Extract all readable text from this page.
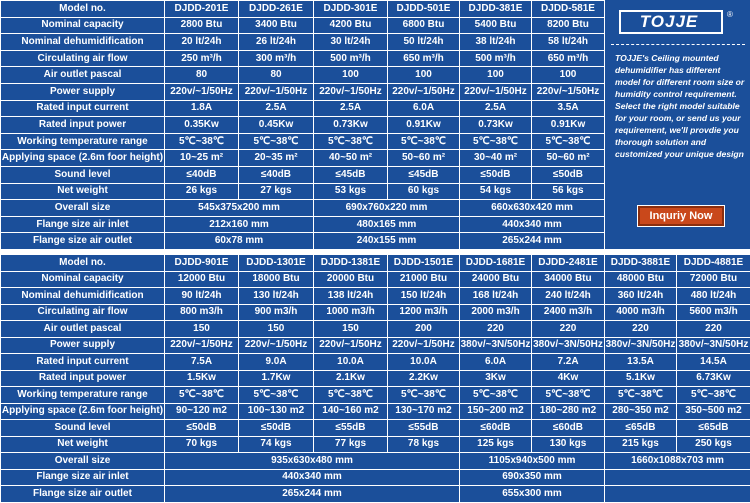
Model no.	DJDD-201E	DJDD-261E	DJDD-301E	DJDD-501E	DJDD-381E	DJDD-581E
Nominal capacity	2800 Btu	3400 Btu	4200 Btu	6800 Btu	5400 Btu	8200 Btu
Nominal dehumidification	20 lt/24h	26 lt/24h	30 lt/24h	50 lt/24h	38 lt/24h	58 lt/24h
Circulating air flow	250 m³/h	300 m³/h	500 m³/h	650 m³/h	500 m³/h	650 m³/h
Air outlet pascal	80	80	100	100	100	100
Power supply	220v/~1/50Hz	220v/~1/50Hz	220v/~1/50Hz	220v/~1/50Hz	220v/~1/50Hz	220v/~1/50Hz
Rated input current	1.8A	2.5A	2.5A	6.0A	2.5A	3.5A
Rated input power	0.35Kw	0.45Kw	0.73Kw	0.91Kw	0.73Kw	0.91Kw
Working temperature range	5℃~38℃	5℃~38℃	5℃~38℃	5℃~38℃	5℃~38℃	5℃~38℃
Applying space (2.6m foor height)	10~25 m²	20~35 m²	40~50 m²	50~60 m²	30~40 m²	50~60 m²
Sound level	≤40dB	≤40dB	≤45dB	≤45dB	≤50dB	≤50dB
Net weight	26 kgs	27 kgs	53 kgs	60 kgs	54 kgs	56 kgs
Overall size	545x375x200 mm		690x760x220 mm		660x630x420 mm	
Flange size air inlet	212x160 mm		480x165 mm		440x340 mm	
Flange size air outlet	60x78 mm		240x155 mm		265x244 mm	
TOJJE	®
TOJJE's Ceiling mounted dehumidifier has different model for different room size or humidity control requirement. Select the right model suitable for your room, or send us your requirement, we'll provdie you thorough solution and customized your unique design
Inquriy Now
Model no.	DJDD-901E	DJDD-1301E	DJDD-1381E	DJDD-1501E	DJDD-1681E	DJDD-2481E	DJDD-3881E	DJDD-4881E
Nominal capacity	12000 Btu	18000 Btu	20000 Btu	21000 Btu	24000 Btu	34000 Btu	48000 Btu	72000 Btu
Nominal dehumidification	90 lt/24h	130 lt/24h	138 lt/24h	150 lt/24h	168 lt/24h	240 lt/24h	360 lt/24h	480 lt/24h
Circulating air flow	800 m3/h	900 m3/h	1000 m3/h	1200 m3/h	2000 m3/h	2400 m3/h	4000 m3/h	5600 m3/h
Air outlet pascal	150	150	150	200	220	220	220	220
Power supply	220v/~1/50Hz	220v/~1/50Hz	220v/~1/50Hz	220v/~1/50Hz	380v/~3N/50Hz	380v/~3N/50Hz	380v/~3N/50Hz	380v/~3N/50Hz
Rated input current	7.5A	9.0A	10.0A	10.0A	6.0A	7.2A	13.5A	14.5A
Rated input power	1.5Kw	1.7Kw	2.1Kw	2.2Kw	3Kw	4Kw	5.1Kw	6.73Kw
Working temperature range	5℃~38℃	5℃~38℃	5℃~38℃	5℃~38℃	5℃~38℃	5℃~38℃	5℃~38℃	5℃~38℃
Applying space (2.6m foor height)	90~120 m2	100~130 m2	140~160 m2	130~170 m2	150~200 m2	180~280 m2	280~350 m2	350~500 m2
Sound level	≤50dB	≤50dB	≤55dB	≤55dB	≤60dB	≤60dB	≤65dB	≤65dB
Net weight	70 kgs	74 kgs	77 kgs	78 kgs	125 kgs	130 kgs	215 kgs	250 kgs
Overall size	935x630x480 mm				1105x940x500 mm		1660x1088x703 mm	
Flange size air inlet	440x340 mm				690x350 mm			
Flange size air outlet	265x244 mm				655x300 mm			
